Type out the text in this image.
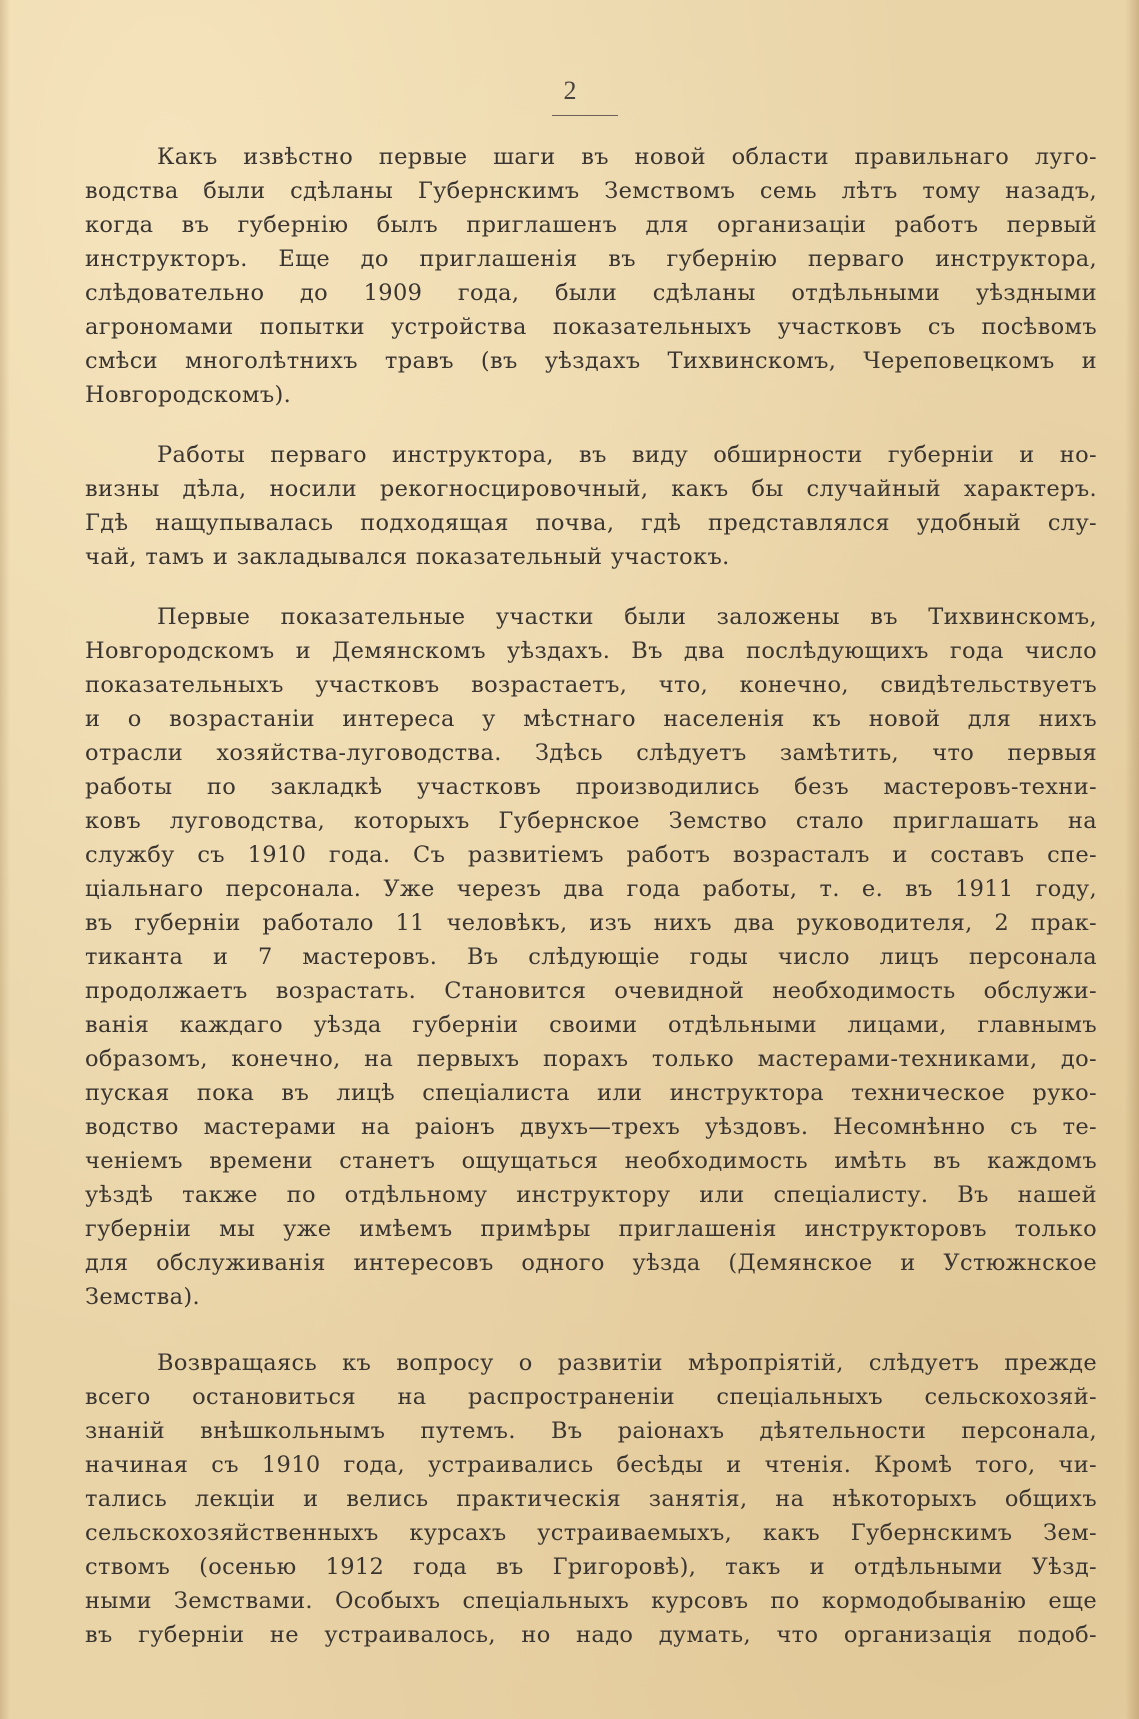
2
Какъ извѣстно первые шаги въ новой области правильнаго луго-
водства были сдѣланы Губернскимъ Земствомъ семь лѣтъ тому назадъ,
когда въ губернію былъ приглашенъ для организаціи работъ первый
инструкторъ. Еще до приглашенія въ губернію перваго инструктора,
слѣдовательно до 1909 года, были сдѣланы отдѣльными уѣздными
агрономами попытки устройства показательныхъ участковъ съ посѣвомъ
смѣси многолѣтнихъ травъ (въ уѣздахъ Тихвинскомъ, Череповецкомъ и
Новгородскомъ).
Работы перваго инструктора, въ виду обширности губерніи и но-
визны дѣла, носили рекогносцировочный, какъ бы случайный характеръ.
Гдѣ нащупывалась подходящая почва, гдѣ представлялся удобный слу-
чай, тамъ и закладывался показательный участокъ.
Первые показательные участки были заложены въ Тихвинскомъ,
Новгородскомъ и Демянскомъ уѣздахъ. Въ два послѣдующихъ года число
показательныхъ участковъ возрастаетъ, что, конечно, свидѣтельствуетъ
и о возрастаніи интереса у мѣстнаго населенія къ новой для нихъ
отрасли хозяйства-луговодства. Здѣсь слѣдуетъ замѣтить, что первыя
работы по закладкѣ участковъ производились безъ мастеровъ-техни-
ковъ луговодства, которыхъ Губернское Земство стало приглашать на
службу съ 1910 года. Съ развитіемъ работъ возрасталъ и составъ спе-
ціальнаго персонала. Уже черезъ два года работы, т. е. въ 1911 году,
въ губерніи работало 11 человѣкъ, изъ нихъ два руководителя, 2 прак-
тиканта и 7 мастеровъ. Въ слѣдующіе годы число лицъ персонала
продолжаетъ возрастать. Становится очевидной необходимость обслужи-
ванія каждаго уѣзда губерніи своими отдѣльными лицами, главнымъ
образомъ, конечно, на первыхъ порахъ только мастерами-техниками, до-
пуская пока въ лицѣ спеціалиста или инструктора техническое руко-
водство мастерами на раіонъ двухъ—трехъ уѣздовъ. Несомнѣнно съ те-
ченіемъ времени станетъ ощущаться необходимость имѣть въ каждомъ
уѣздѣ также по отдѣльному инструктору или спеціалисту. Въ нашей
губерніи мы уже имѣемъ примѣры приглашенія инструкторовъ только
для обслуживанія интересовъ одного уѣзда (Демянское и Устюжнское
Земства).
Возвращаясь къ вопросу о развитіи мѣропріятій, слѣдуетъ прежде
всего остановиться на распространеніи спеціальныхъ сельскохозяй-
знаній внѣшкольнымъ путемъ. Въ раіонахъ дѣятельности персонала,
начиная съ 1910 года, устраивались бесѣды и чтенія. Кромѣ того, чи-
тались лекціи и велись практическія занятія, на нѣкоторыхъ общихъ
сельскохозяйственныхъ курсахъ устраиваемыхъ, какъ Губернскимъ Зем-
ствомъ (осенью 1912 года въ Григоровѣ), такъ и отдѣльными Уѣзд-
ными Земствами. Особыхъ спеціальныхъ курсовъ по кормодобыванію еще
въ губерніи не устраивалось, но надо думать, что организація подоб-
